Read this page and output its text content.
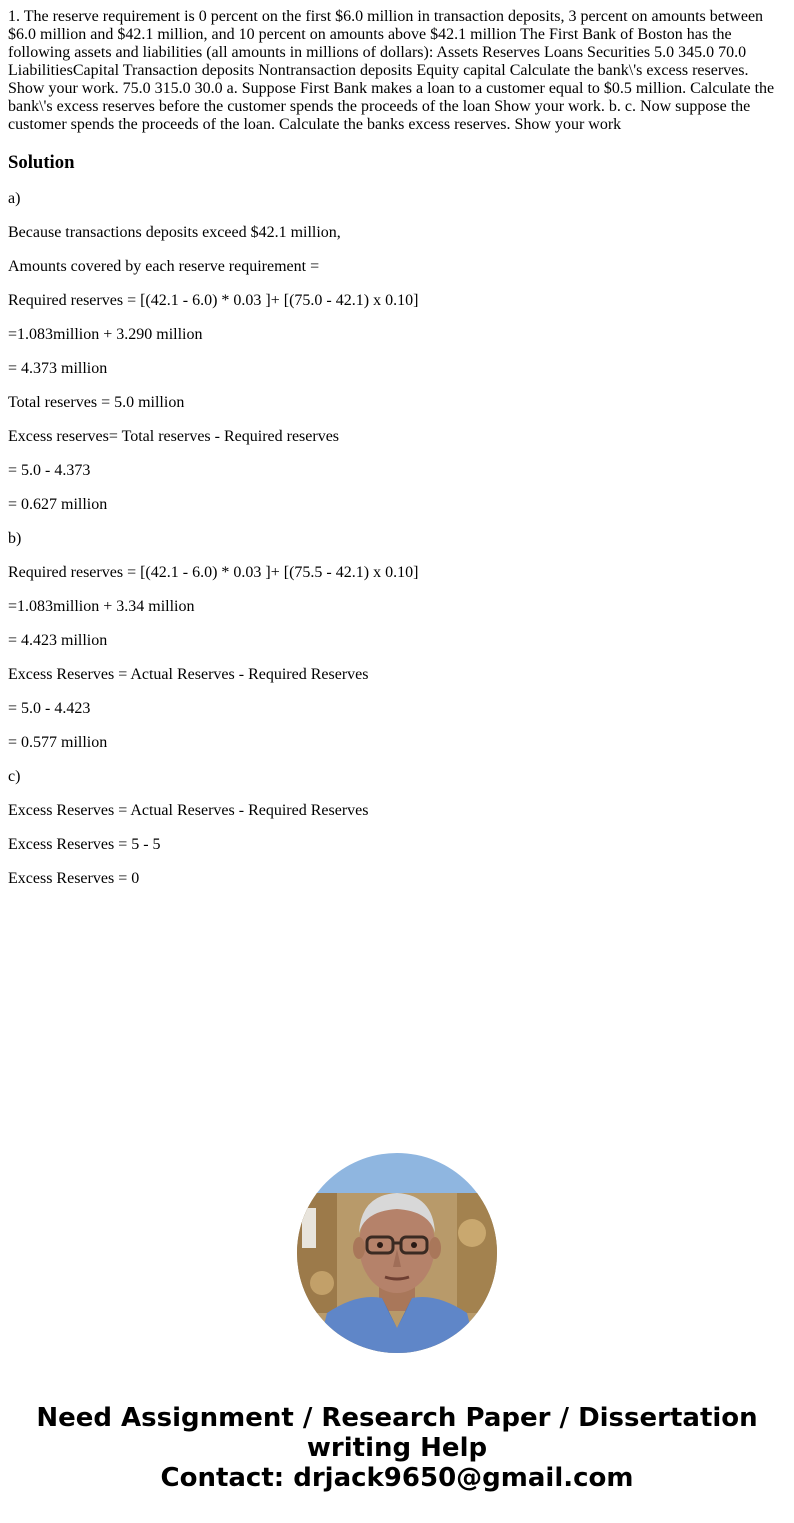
1. The reserve requirement is 0 percent on the first $6.0 million in transaction deposits, 3 percent on amounts between $6.0 million and $42.1 million, and 10 percent on amounts above $42.1 million The First Bank of Boston has the following assets and liabilities (all amounts in millions of dollars): Assets Reserves Loans Securities 5.0 345.0 70.0 LiabilitiesCapital Transaction deposits Nontransaction deposits Equity capital Calculate the bank\'s excess reserves. Show your work. 75.0 315.0 30.0 a. Suppose First Bank makes a loan to a customer equal to $0.5 million. Calculate the bank\'s excess reserves before the customer spends the proceeds of the loan Show your work. b. c. Now suppose the customer spends the proceeds of the loan. Calculate the banks excess reserves. Show your work

Solution

a)

Because transactions deposits exceed $42.1 million,

Amounts covered by each reserve requirement =

Required reserves = [(42.1 - 6.0) * 0.03 ]+ [(75.0 - 42.1) x 0.10]

=1.083million + 3.290 million

= 4.373 million

Total reserves = 5.0 million

Excess reserves= Total reserves - Required reserves

= 5.0 - 4.373

= 0.627 million

b)

Required reserves = [(42.1 - 6.0) * 0.03 ]+ [(75.5 - 42.1) x 0.10]

=1.083million + 3.34 million

= 4.423 million

Excess Reserves = Actual Reserves - Required Reserves

= 5.0 - 4.423

= 0.577 million

c)

Excess Reserves = Actual Reserves - Required Reserves

Excess Reserves = 5 - 5

Excess Reserves = 0

Need Assignment / Research Paper / Dissertation
writing Help
Contact: drjack9650@gmail.com
